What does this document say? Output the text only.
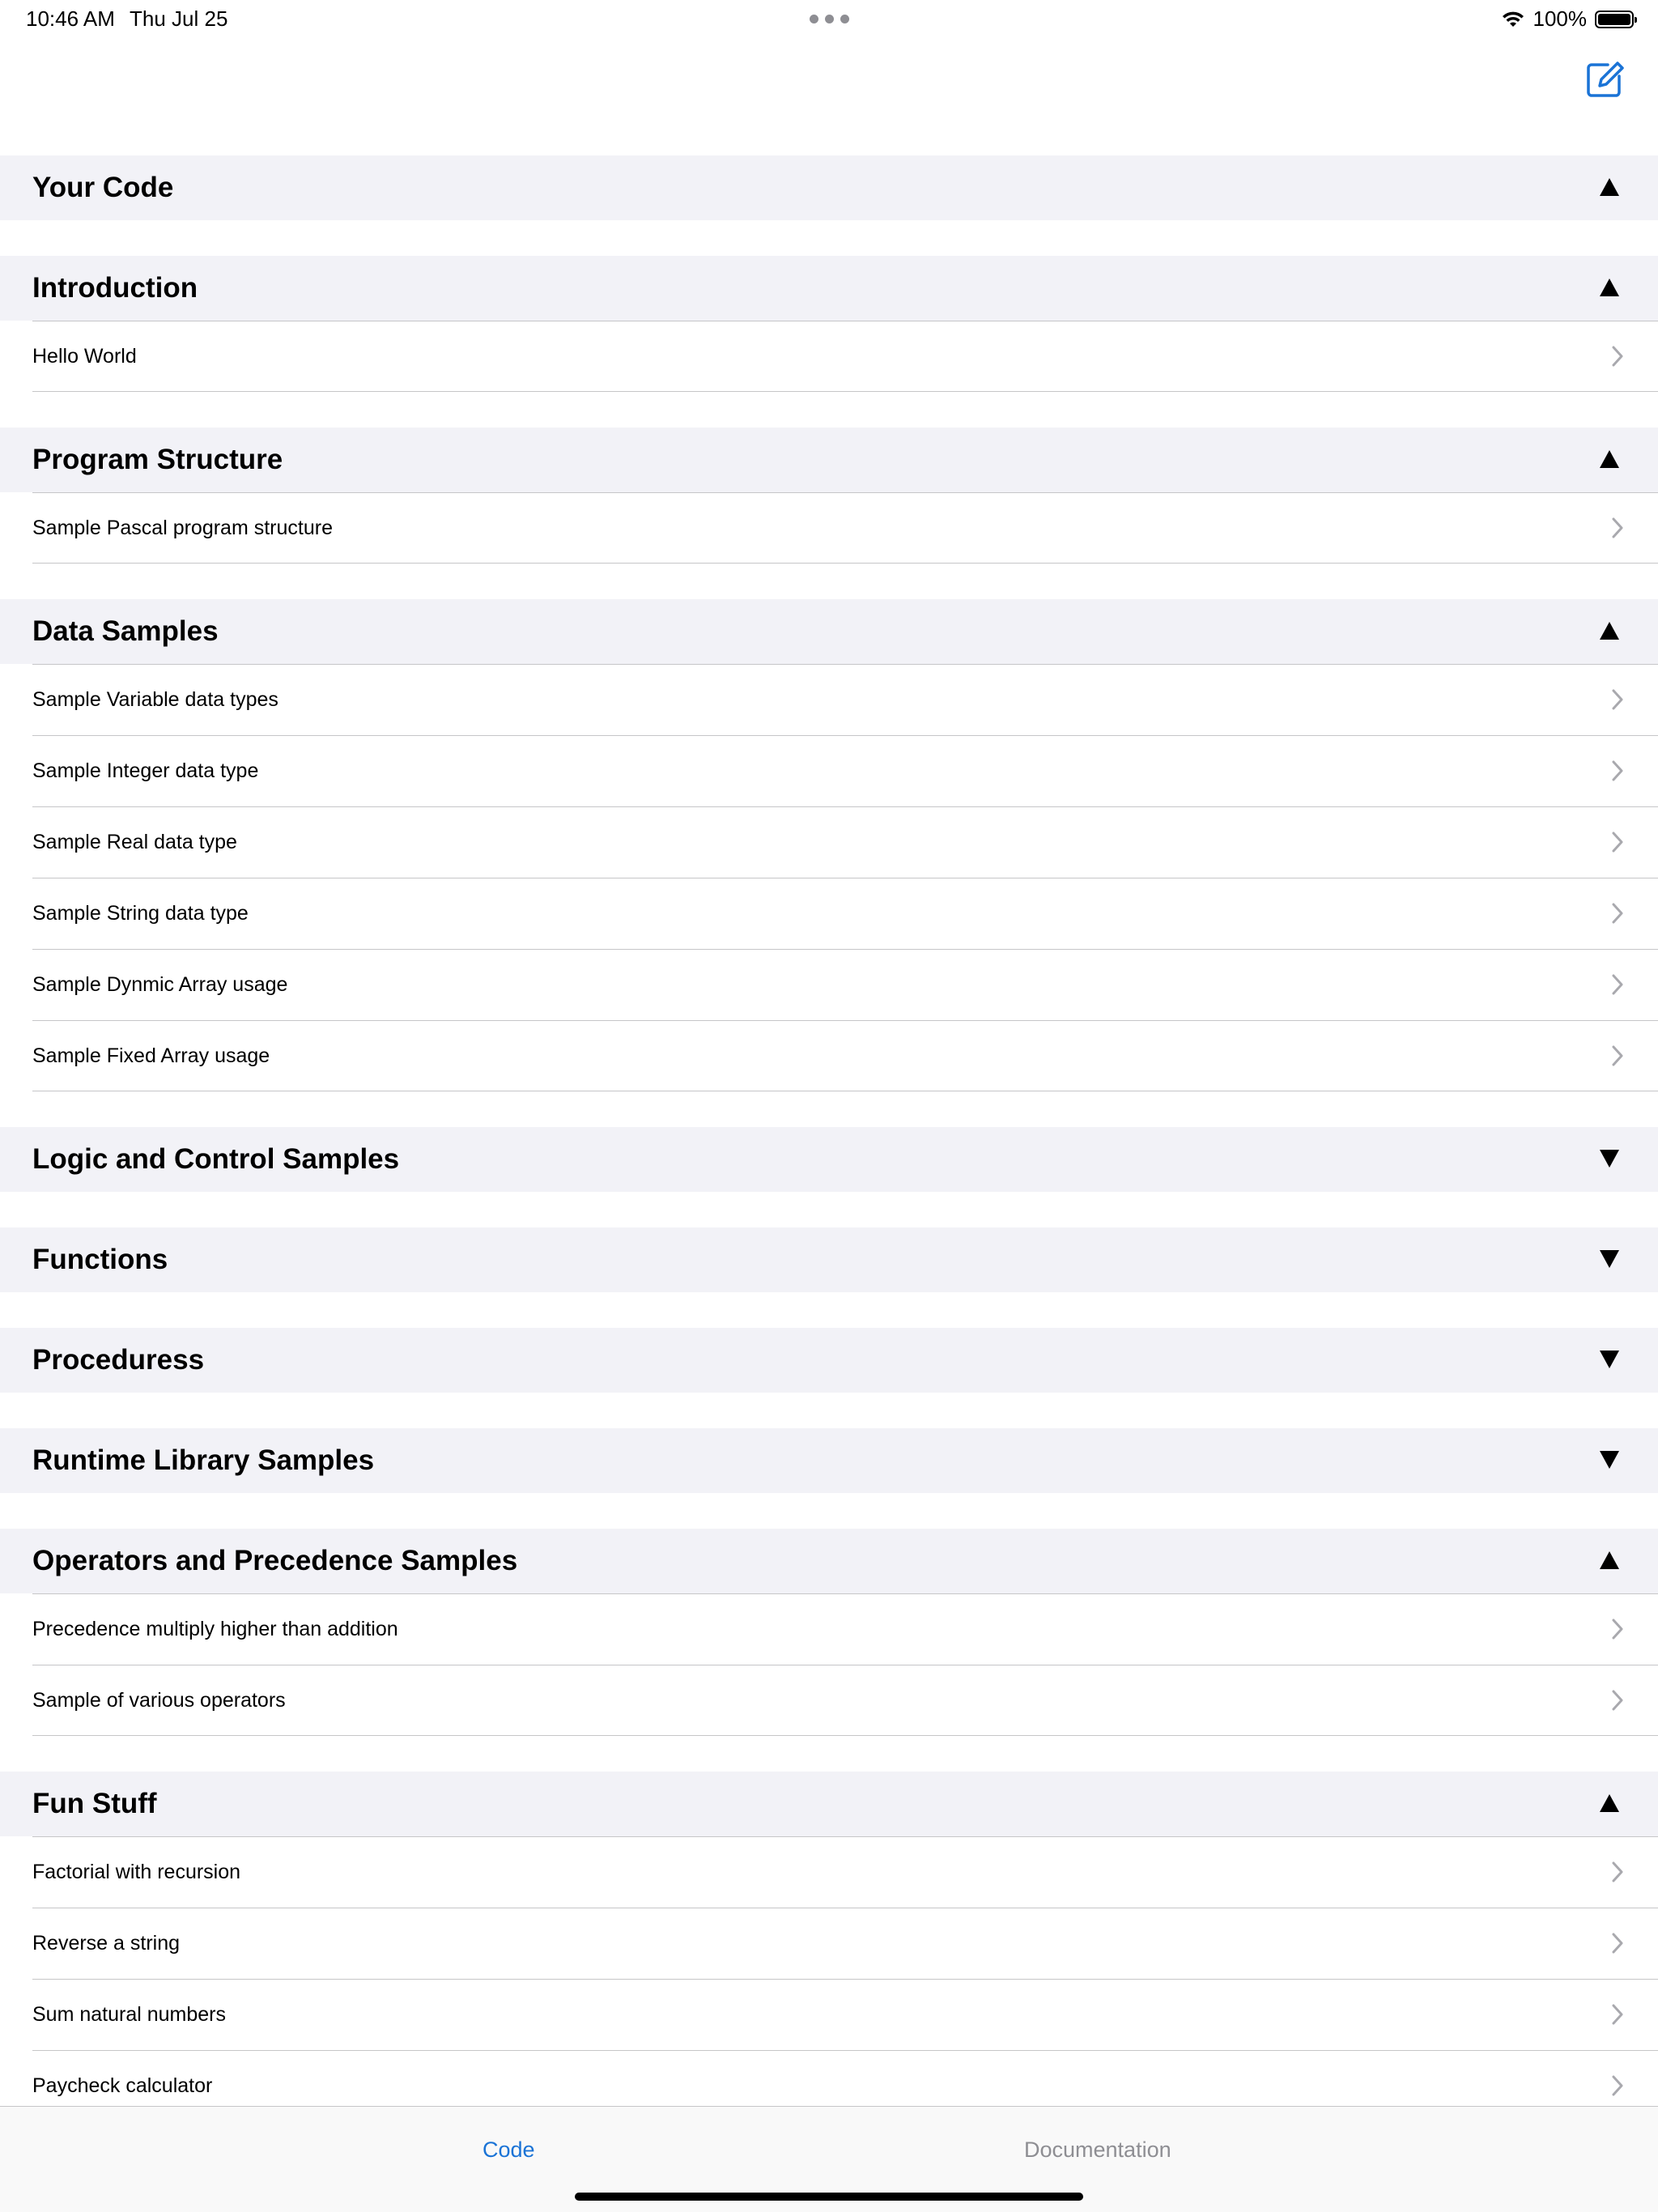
10:46 AM Thu Jul 25	100%
Your Code
Introduction
Hello World
Program Structure
Sample Pascal program structure
Data Samples
Sample Variable data types
Sample Integer data type
Sample Real data type
Sample String data type
Sample Dynmic Array usage
Sample Fixed Array usage
Logic and Control Samples
Functions
Proceduress
Runtime Library Samples
Operators and Precedence Samples
Precedence multiply higher than addition
Sample of various operators
Fun Stuff
Factorial with recursion
Reverse a string
Sum natural numbers
Paycheck calculator
Code	Documentation
